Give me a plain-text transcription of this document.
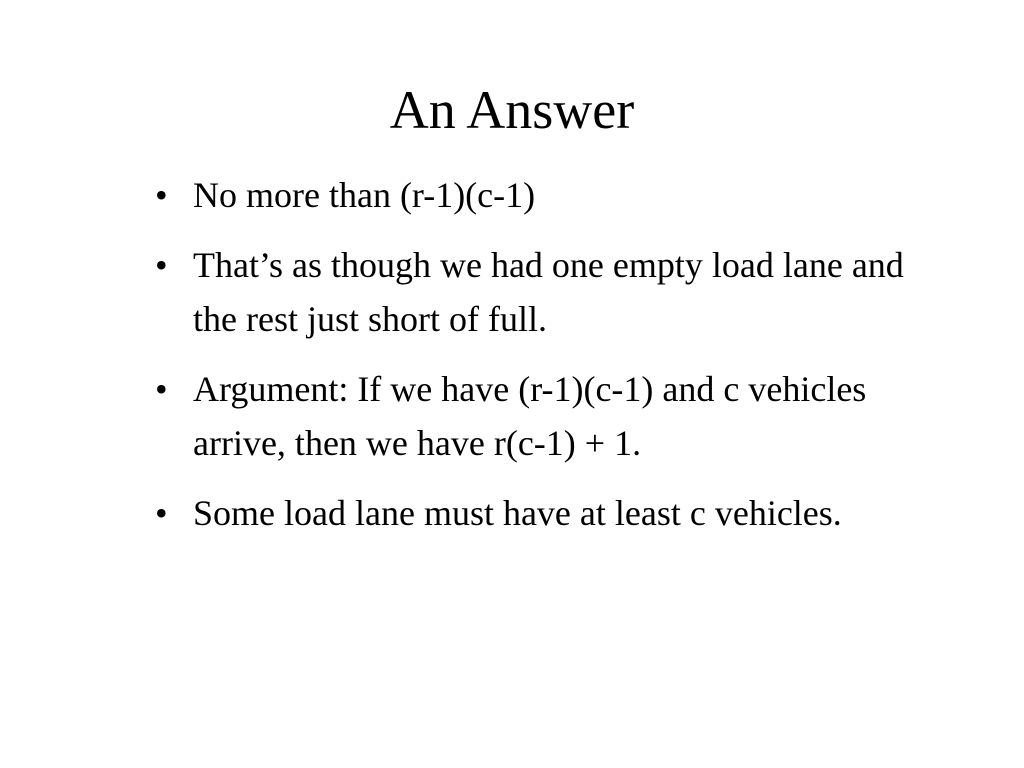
An Answer
• No more than (r-1)(c-1)
• That’s as though we had one empty load lane and the rest just short of full.
• Argument: If we have (r-1)(c-1) and c vehicles arrive, then we have r(c-1) + 1.
• Some load lane must have at least c vehicles.
